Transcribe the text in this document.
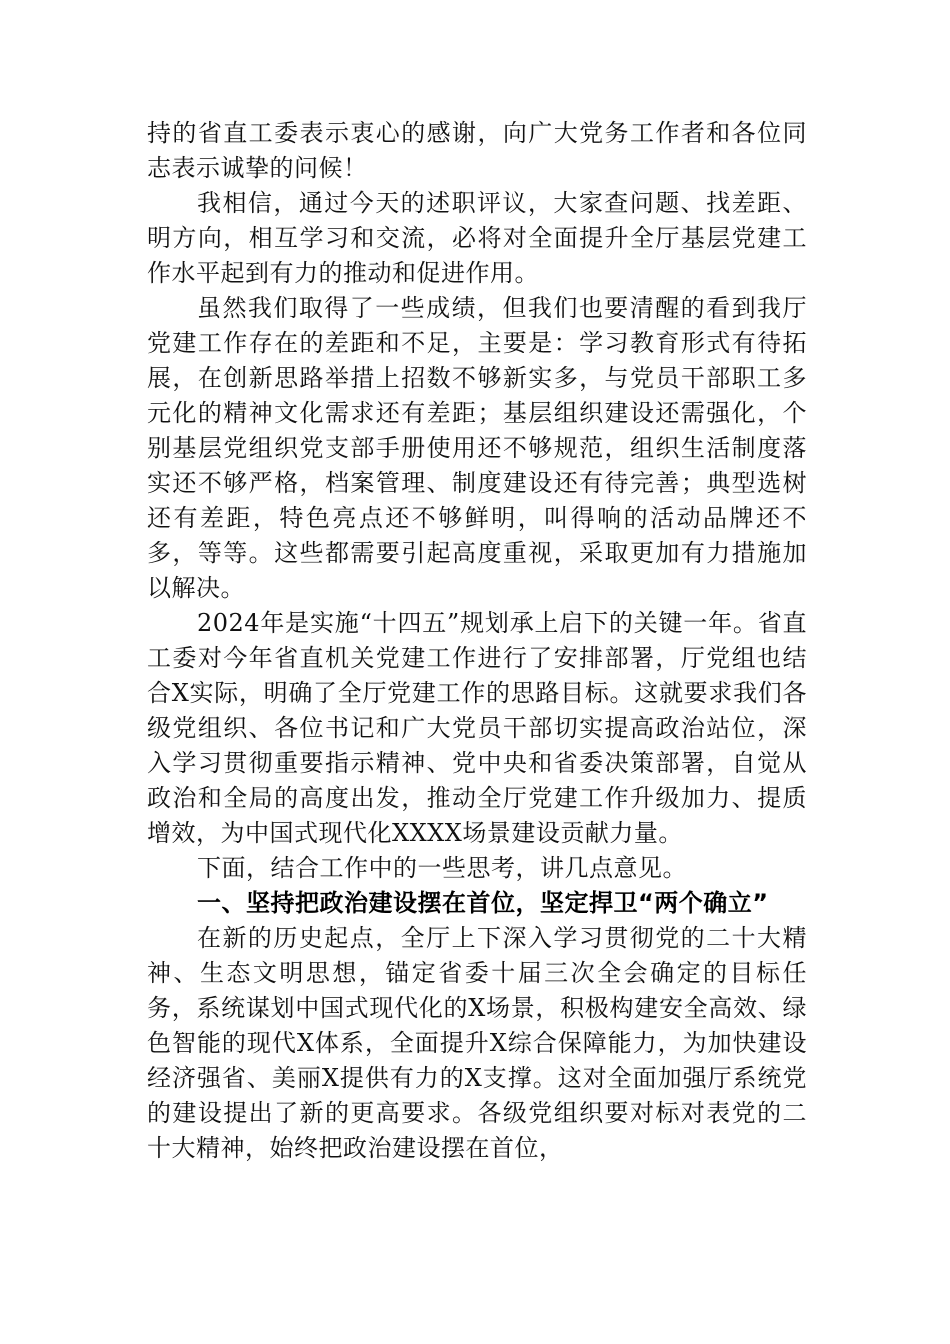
持的省直工委表示衷心的感谢，向广大党务工作者和各位同志表示诚挚的问候！

我相信，通过今天的述职评议，大家查问题、找差距、明方向，相互学习和交流，必将对全面提升全厅基层党建工作水平起到有力的推动和促进作用。

虽然我们取得了一些成绩，但我们也要清醒的看到我厅党建工作存在的差距和不足，主要是：学习教育形式有待拓展，在创新思路举措上招数不够新实多，与党员干部职工多元化的精神文化需求还有差距；基层组织建设还需强化，个别基层党组织党支部手册使用还不够规范，组织生活制度落实还不够严格，档案管理、制度建设还有待完善；典型选树还有差距，特色亮点还不够鲜明，叫得响的活动品牌还不多，等等。这些都需要引起高度重视，采取更加有力措施加以解决。

2024年是实施“十四五”规划承上启下的关键一年。省直工委对今年省直机关党建工作进行了安排部署，厅党组也结合X实际，明确了全厅党建工作的思路目标。这就要求我们各级党组织、各位书记和广大党员干部切实提高政治站位，深入学习贯彻重要指示精神、党中央和省委决策部署，自觉从政治和全局的高度出发，推动全厅党建工作升级加力、提质增效，为中国式现代化XXXX场景建设贡献力量。

下面，结合工作中的一些思考，讲几点意见。

一、坚持把政治建设摆在首位，坚定捍卫“两个确立”

在新的历史起点，全厅上下深入学习贯彻党的二十大精神、生态文明思想，锚定省委十届三次全会确定的目标任务，系统谋划中国式现代化的X场景，积极构建安全高效、绿色智能的现代X体系，全面提升X综合保障能力，为加快建设经济强省、美丽X提供有力的X支撑。这对全面加强厅系统党的建设提出了新的更高要求。各级党组织要对标对表党的二十大精神，始终把政治建设摆在首位，
